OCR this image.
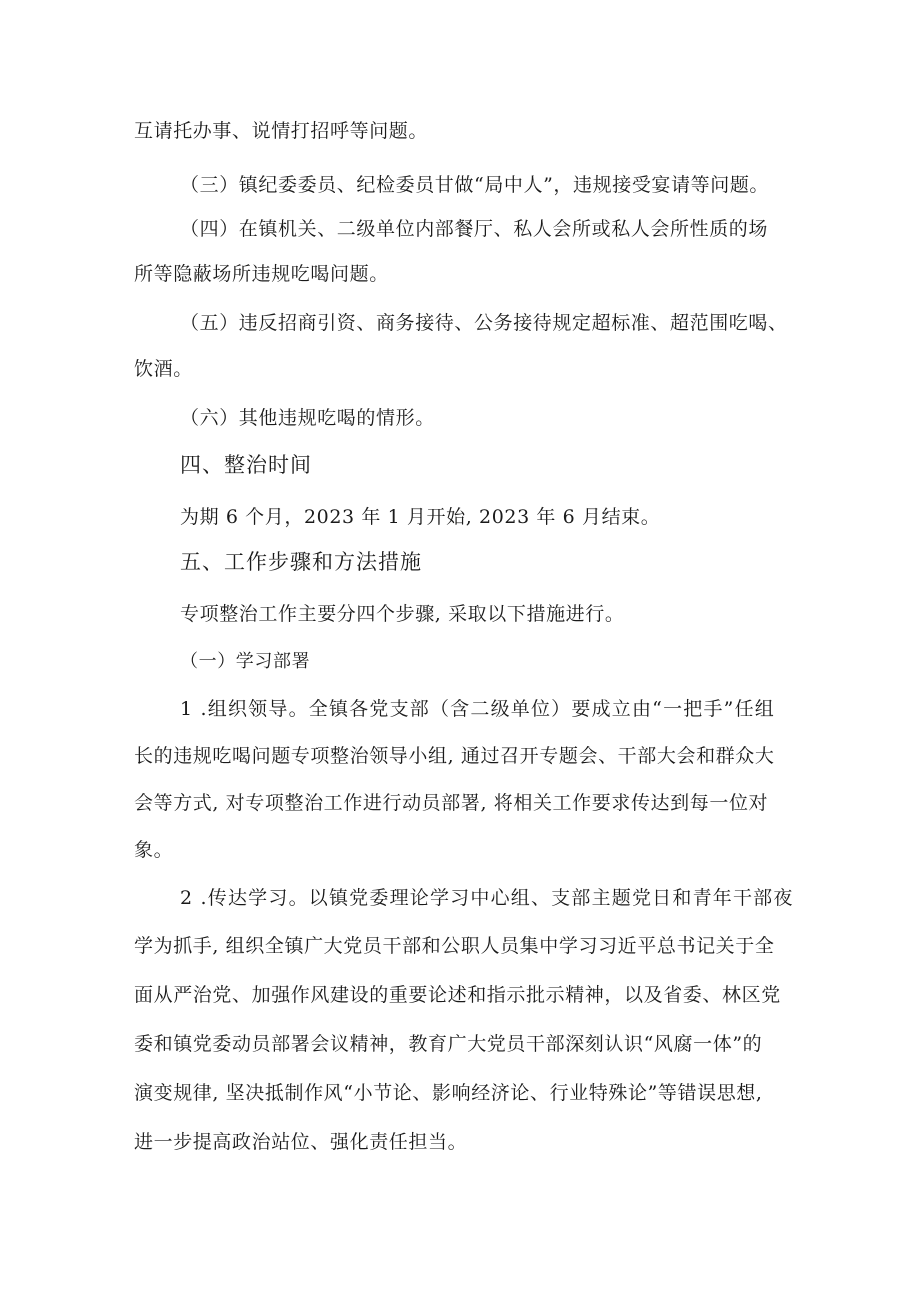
互请托办事、说情打招呼等问题。
（三）镇纪委委员、纪检委员甘做“局中人”，违规接受宴请等问题。
（四）在镇机关、二级单位内部餐厅、私人会所或私人会所性质的场
所等隐蔽场所违规吃喝问题。
（五）违反招商引资、商务接待、公务接待规定超标准、超范围吃喝、
饮酒。
（六）其他违规吃喝的情形。
四、整治时间
为期 6 个月，2023 年 1 月开始, 2023 年 6 月结束。
五、工作步骤和方法措施
专项整治工作主要分四个步骤, 采取以下措施进行。
（一）学习部署
1 .组织领导。全镇各党支部（含二级单位）要成立由“一把手”任组
长的违规吃喝问题专项整治领导小组, 通过召开专题会、干部大会和群众大
会等方式, 对专项整治工作进行动员部署, 将相关工作要求传达到每一位对
象。
2 .传达学习。以镇党委理论学习中心组、支部主题党日和青年干部夜
学为抓手, 组织全镇广大党员干部和公职人员集中学习习近平总书记关于全
面从严治党、加强作风建设的重要论述和指示批示精神，以及省委、林区党
委和镇党委动员部署会议精神，教育广大党员干部深刻认识“风腐一体”的
演变规律, 坚决抵制作风“小节论、影响经济论、行业特殊论”等错误思想,
进一步提高政治站位、强化责任担当。
